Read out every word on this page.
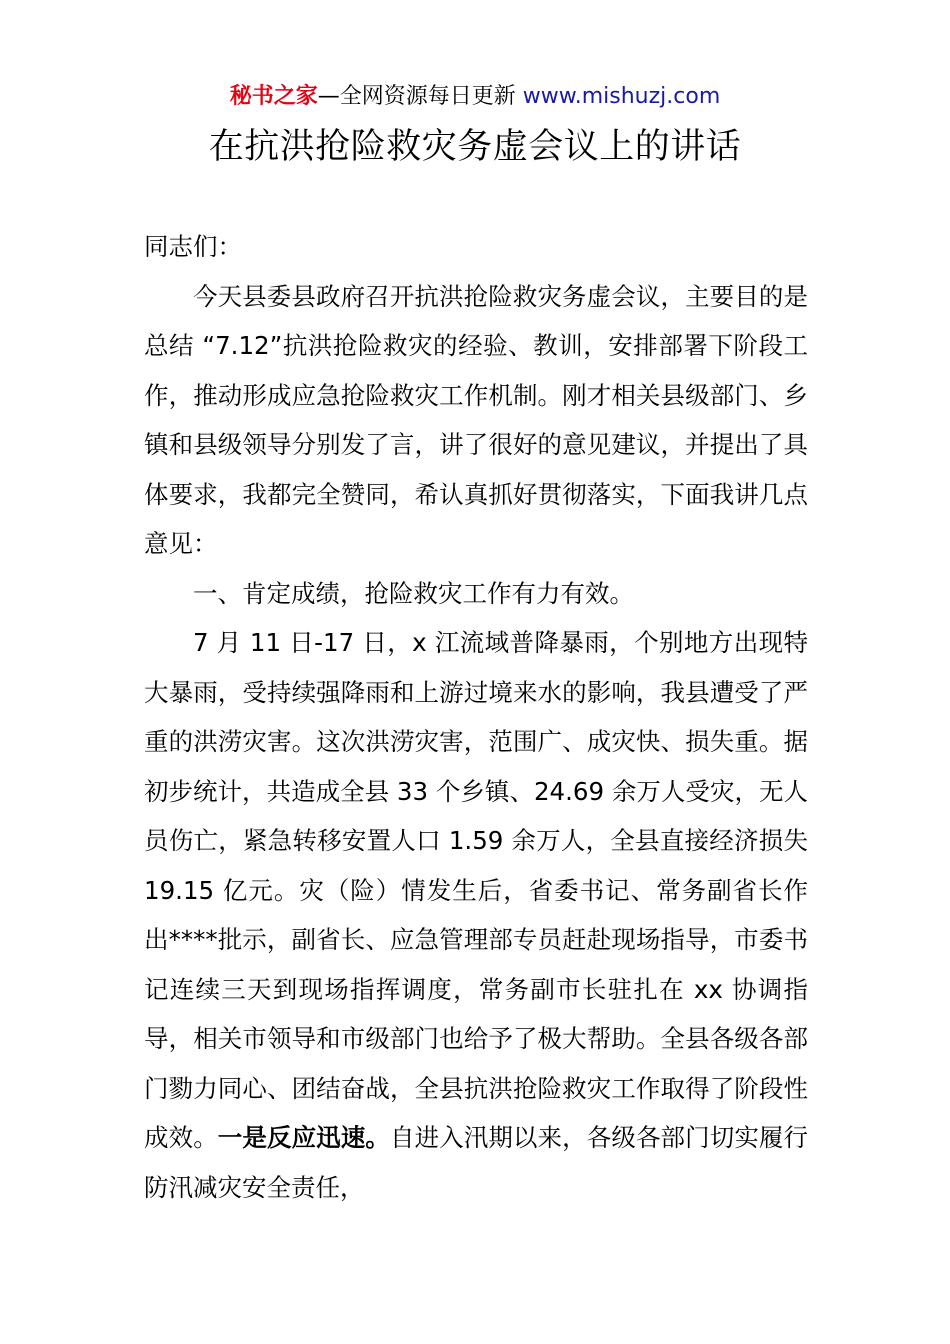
秘书之家—全网资源每日更新 www.mishuzj.com
在抗洪抢险救灾务虚会议上的讲话

同志们：

今天县委县政府召开抗洪抢险救灾务虚会议，主要目的是总结 “7.12”抗洪抢险救灾的经验、教训，安排部署下阶段工作，推动形成应急抢险救灾工作机制。刚才相关县级部门、乡镇和县级领导分别发了言，讲了很好的意见建议，并提出了具体要求，我都完全赞同，希认真抓好贯彻落实，下面我讲几点意见：

一、肯定成绩，抢险救灾工作有力有效。

7 月 11 日-17 日，x 江流域普降暴雨，个别地方出现特大暴雨，受持续强降雨和上游过境来水的影响，我县遭受了严重的洪涝灾害。这次洪涝灾害，范围广、成灾快、损失重。据初步统计，共造成全县 33 个乡镇、24.69 余万人受灾，无人员伤亡，紧急转移安置人口 1.59 余万人，全县直接经济损失 19.15 亿元。灾（险）情发生后，省委书记、常务副省长作出****批示，副省长、应急管理部专员赶赴现场指导，市委书记连续三天到现场指挥调度，常务副市长驻扎在 xx 协调指导，相关市领导和市级部门也给予了极大帮助。全县各级各部门勠力同心、团结奋战，全县抗洪抢险救灾工作取得了阶段性成效。一是反应迅速。自进入汛期以来，各级各部门切实履行防汛减灾安全责任，
